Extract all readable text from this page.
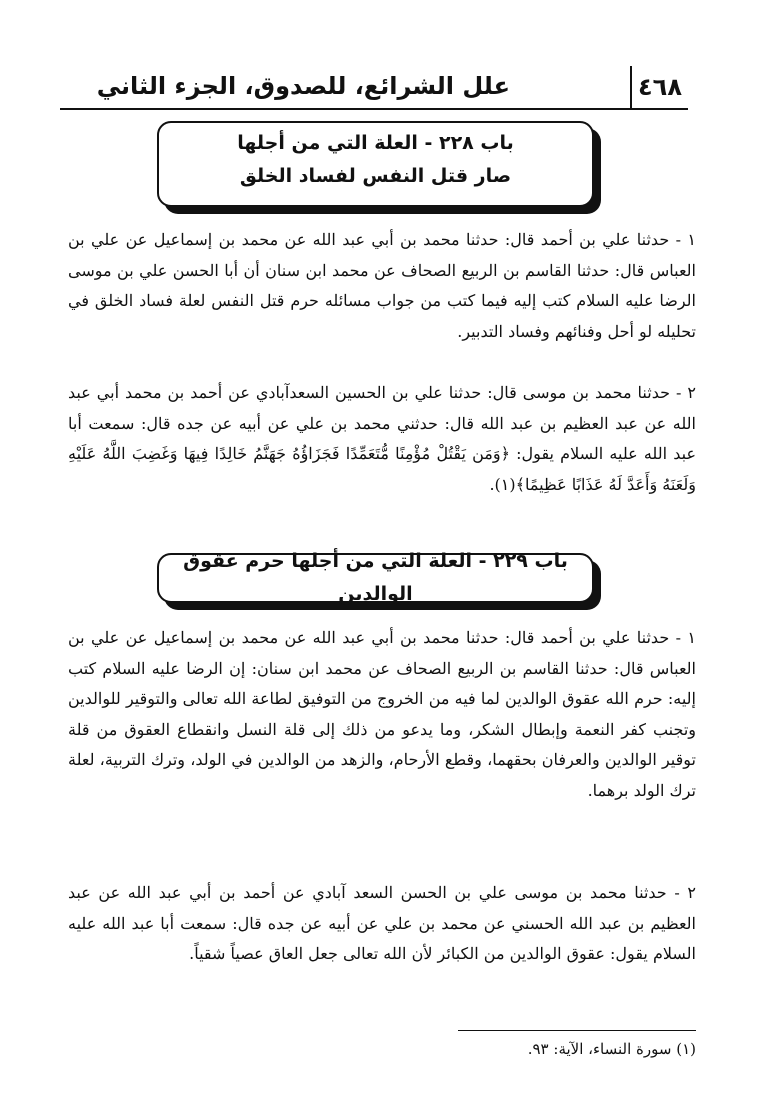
علل الشرائع، للصدوق، الجزء الثاني	٤٦٨
باب ٢٢٨ - العلة التي من أجلها
صار قتل النفس لفساد الخلق
١ - حدثنا علي بن أحمد قال: حدثنا محمد بن أبي عبد الله عن محمد بن إسماعيل عن علي بن العباس قال: حدثنا القاسم بن الربيع الصحاف عن محمد ابن سنان أن أبا الحسن علي بن موسى الرضا عليه السلام كتب إليه فيما كتب من جواب مسائله حرم قتل النفس لعلة فساد الخلق في تحليله لو أحل وفنائهم وفساد التدبير.
٢ - حدثنا محمد بن موسى قال: حدثنا علي بن الحسين السعدآبادي عن أحمد بن محمد أبي عبد الله عن عبد العظيم بن عبد الله قال: حدثني محمد بن علي عن أبيه عن جده قال: سمعت أبا عبد الله عليه السلام يقول: ﴿وَمَن يَقْتُلْ مُؤْمِنًا مُّتَعَمِّدًا فَجَزَاؤُهُ جَهَنَّمُ خَالِدًا فِيهَا وَغَضِبَ اللَّهُ عَلَيْهِ وَلَعَنَهُ وَأَعَدَّ لَهُ عَذَابًا عَظِيمًا﴾(١).
باب ٢٢٩ - العلة التي من أجلها حرم عقوق الوالدين
١ - حدثنا علي بن أحمد قال: حدثنا محمد بن أبي عبد الله عن محمد بن إسماعيل عن علي بن العباس قال: حدثنا القاسم بن الربيع الصحاف عن محمد ابن سنان: إن الرضا عليه السلام كتب إليه: حرم الله عقوق الوالدين لما فيه من الخروج من التوفيق لطاعة الله تعالى والتوقير للوالدين وتجنب كفر النعمة وإبطال الشكر، وما يدعو من ذلك إلى قلة النسل وانقطاع العقوق من قلة توقير الوالدين والعرفان بحقهما، وقطع الأرحام، والزهد من الوالدين في الولد، وترك التربية، لعلة ترك الولد برهما.
٢ - حدثنا محمد بن موسى علي بن الحسن السعد آبادي عن أحمد بن أبي عبد الله عن عبد العظيم بن عبد الله الحسني عن محمد بن علي عن أبيه عن جده قال: سمعت أبا عبد الله عليه السلام يقول: عقوق الوالدين من الكبائر لأن الله تعالى جعل العاق عصياً شقياً.
(١) سورة النساء، الآية: ٩٣.
